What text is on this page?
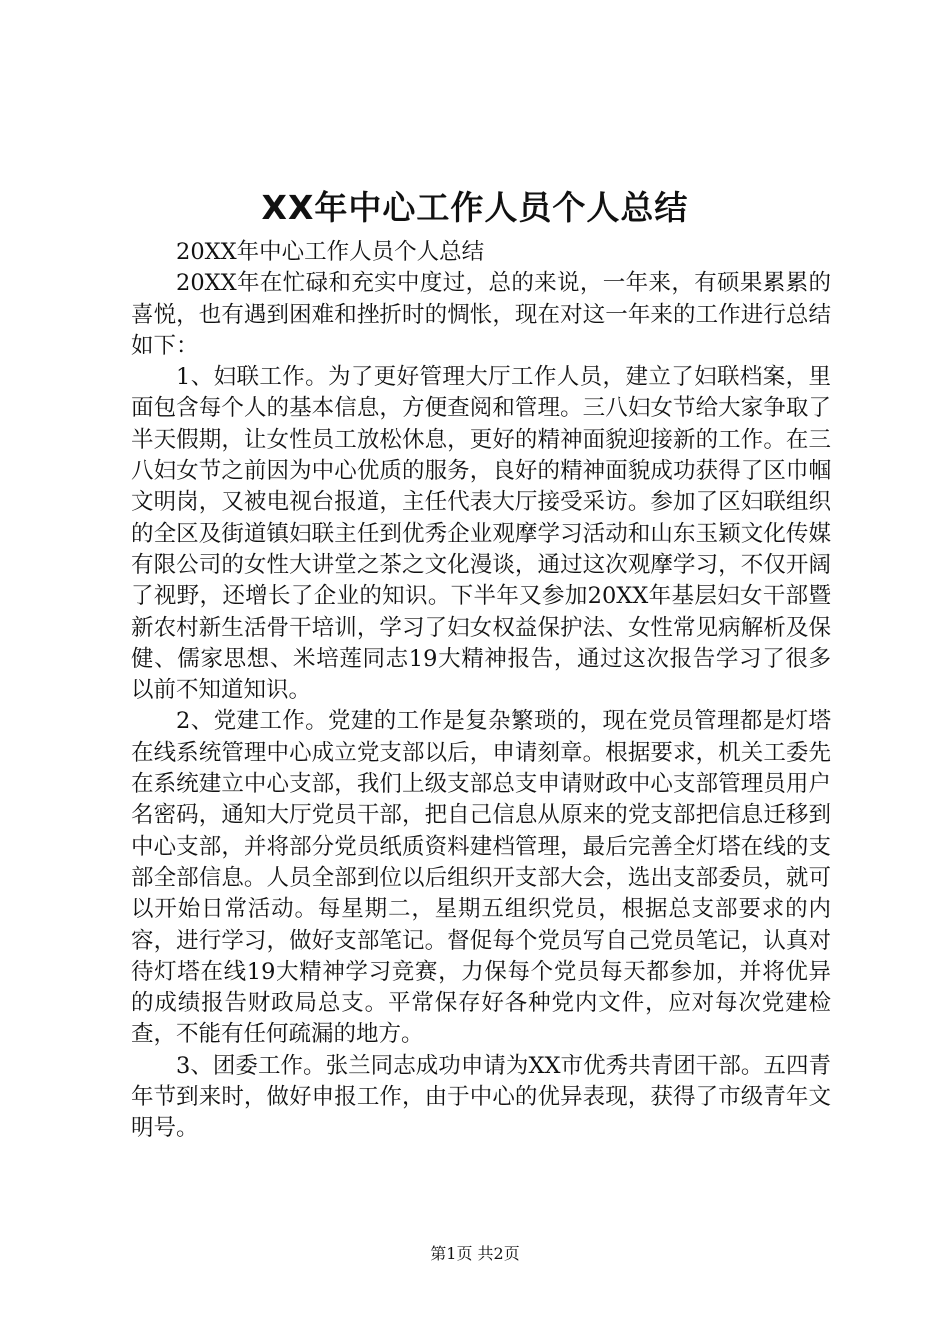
XX年中心工作人员个人总结

20XX年中心工作人员个人总结

20XX年在忙碌和充实中度过，总的来说，一年来，有硕果累累的喜悦，也有遇到困难和挫折时的惆怅，现在对这一年来的工作进行总结如下：

1、妇联工作。为了更好管理大厅工作人员，建立了妇联档案，里面包含每个人的基本信息，方便查阅和管理。三八妇女节给大家争取了半天假期，让女性员工放松休息，更好的精神面貌迎接新的工作。在三八妇女节之前因为中心优质的服务，良好的精神面貌成功获得了区巾帼文明岗，又被电视台报道，主任代表大厅接受采访。参加了区妇联组织的全区及街道镇妇联主任到优秀企业观摩学习活动和山东玉颖文化传媒有限公司的女性大讲堂之茶之文化漫谈，通过这次观摩学习，不仅开阔了视野，还增长了企业的知识。下半年又参加20XX年基层妇女干部暨新农村新生活骨干培训，学习了妇女权益保护法、女性常见病解析及保健、儒家思想、米培莲同志19大精神报告，通过这次报告学习了很多以前不知道知识。

2、党建工作。党建的工作是复杂繁琐的，现在党员管理都是灯塔在线系统管理中心成立党支部以后，申请刻章。根据要求，机关工委先在系统建立中心支部，我们上级支部总支申请财政中心支部管理员用户名密码，通知大厅党员干部，把自己信息从原来的党支部把信息迁移到中心支部，并将部分党员纸质资料建档管理，最后完善全灯塔在线的支部全部信息。人员全部到位以后组织开支部大会，选出支部委员，就可以开始日常活动。每星期二，星期五组织党员，根据总支部要求的内容，进行学习，做好支部笔记。督促每个党员写自己党员笔记，认真对待灯塔在线19大精神学习竞赛，力保每个党员每天都参加，并将优异的成绩报告财政局总支。平常保存好各种党内文件，应对每次党建检查，不能有任何疏漏的地方。

3、团委工作。张兰同志成功申请为XX市优秀共青团干部。五四青年节到来时，做好申报工作，由于中心的优异表现，获得了市级青年文明号。

第1页 共2页
